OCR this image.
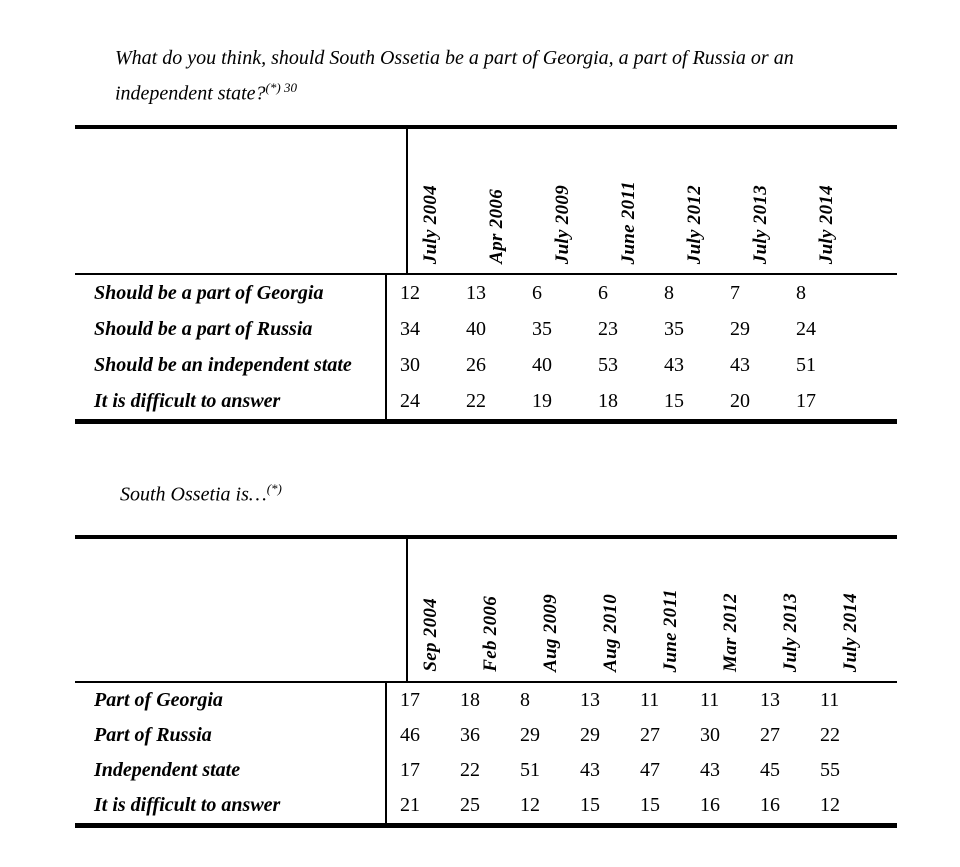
What do you think, should South Ossetia be a part of Georgia, a part of Russia or an independent state?$^{(*) 30}$

July 2004 Apr 2006 July 2009 June 2011 July 2012 July 2013 July 2014
Should be a part of Georgia	12	13	6	6	8	7	8
Should be a part of Russia	34	40	35	23	35	29	24
Should be an independent state	30	26	40	53	43	43	51
It is difficult to answer	24	22	19	18	15	20	17

South Ossetia is…(*)

Sep 2004 Feb 2006 Aug 2009 Aug 2010 June 2011 Mar 2012 July 2013 July 2014
Part of Georgia	17	18	8	13	11	11	13	11
Part of Russia	46	36	29	29	27	30	27	22
Independent state	17	22	51	43	47	43	45	55
It is difficult to answer	21	25	12	15	15	16	16	12
